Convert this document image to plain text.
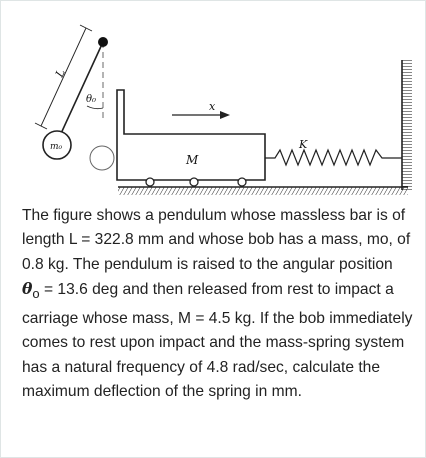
L
θ₀
m₀
M
x
K
The figure shows a pendulum whose massless bar is of length L = 322.8 mm and whose bob has a mass, mo, of 0.8 kg. The pendulum is raised to the angular position $\theta_o = 13.6$ deg and then released from rest to impact a carriage whose mass, M = 4.5 kg. If the bob immediately comes to rest upon impact and the mass-spring system has a natural frequency of 4.8 rad/sec, calculate the maximum deflection of the spring in mm.
